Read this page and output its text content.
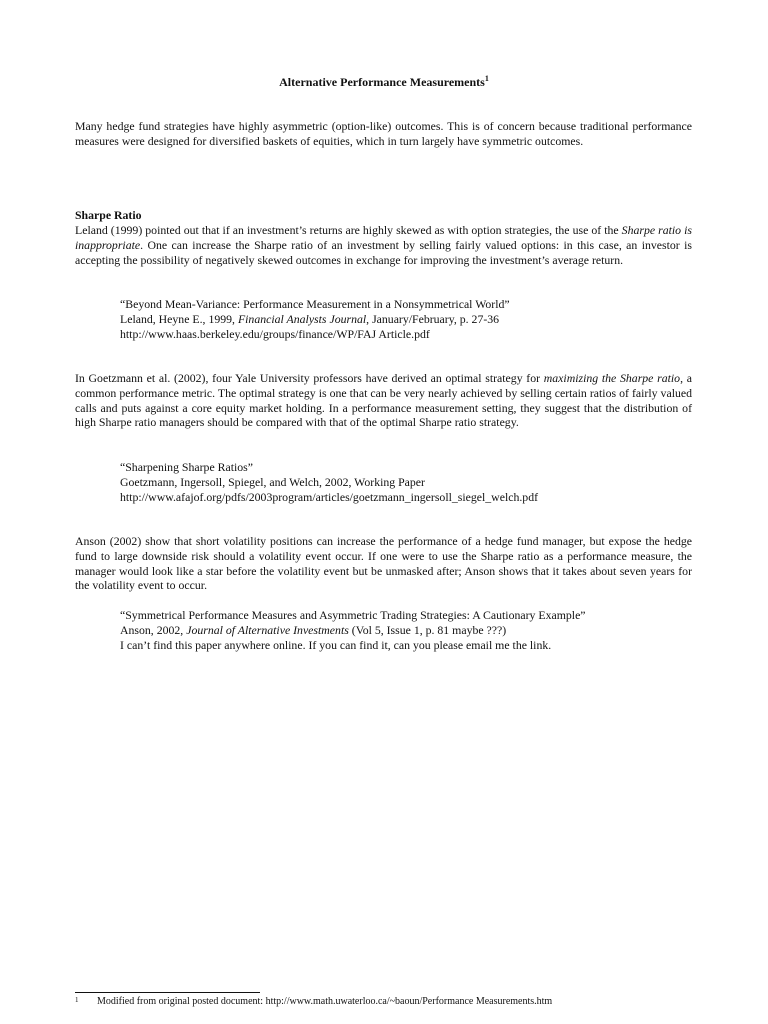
Alternative Performance Measurements$^1$

Many hedge fund strategies have highly asymmetric (option-like) outcomes. This is of concern because traditional performance measures were designed for diversified baskets of equities, which in turn largely have symmetric outcomes.

Sharpe Ratio

Leland (1999) pointed out that if an investment’s returns are highly skewed as with option strategies, the use of the Sharpe ratio is inappropriate. One can increase the Sharpe ratio of an investment by selling fairly valued options: in this case, an investor is accepting the possibility of negatively skewed outcomes in exchange for improving the investment’s average return.

“Beyond Mean-Variance: Performance Measurement in a Nonsymmetrical World”
Leland, Heyne E., 1999, Financial Analysts Journal, January/February, p. 27-36
http://www.haas.berkeley.edu/groups/finance/WP/FAJ Article.pdf

In Goetzmann et al. (2002), four Yale University professors have derived an optimal strategy for maximizing the Sharpe ratio, a common performance metric. The optimal strategy is one that can be very nearly achieved by selling certain ratios of fairly valued calls and puts against a core equity market holding. In a performance measurement setting, they suggest that the distribution of high Sharpe ratio managers should be compared with that of the optimal Sharpe ratio strategy.

“Sharpening Sharpe Ratios”
Goetzmann, Ingersoll, Spiegel, and Welch, 2002, Working Paper
http://www.afajof.org/pdfs/2003program/articles/goetzmann_ingersoll_siegel_welch.pdf

Anson (2002) show that short volatility positions can increase the performance of a hedge fund manager, but expose the hedge fund to large downside risk should a volatility event occur. If one were to use the Sharpe ratio as a performance measure, the manager would look like a star before the volatility event but be unmasked after; Anson shows that it takes about seven years for the volatility event to occur.

“Symmetrical Performance Measures and Asymmetric Trading Strategies: A Cautionary Example”
Anson, 2002, Journal of Alternative Investments (Vol 5, Issue 1, p. 81 maybe ???)
I can’t find this paper anywhere online. If you can find it, can you please email me the link.
1 Modified from original posted document: http://www.math.uwaterloo.ca/~baoun/Performance Measurements.htm
